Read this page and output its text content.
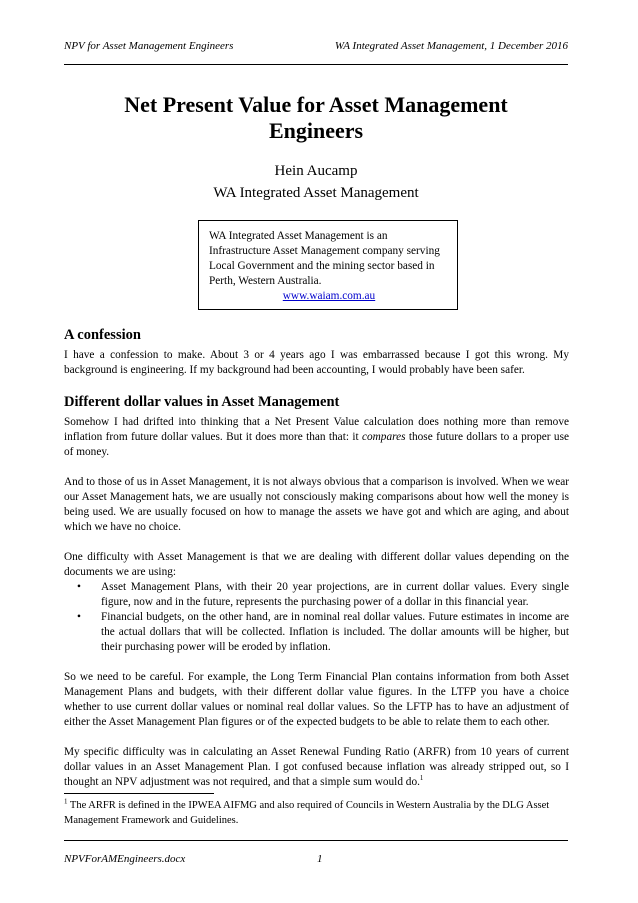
NPV for Asset Management Engineers	WA Integrated Asset Management, 1 December 2016
Net Present Value for Asset Management
Engineers
Hein Aucamp
WA Integrated Asset Management
WA Integrated Asset Management is an Infrastructure Asset Management company serving Local Government and the mining sector based in Perth, Western Australia.
www.waiam.com.au
A confession

I have a confession to make. About 3 or 4 years ago I was embarrassed because I got this wrong. My background is engineering. If my background had been accounting, I would probably have been safer.

Different dollar values in Asset Management

Somehow I had drifted into thinking that a Net Present Value calculation does nothing more than remove inflation from future dollar values. But it does more than that: it compares those future dollars to a proper use of money.

And to those of us in Asset Management, it is not always obvious that a comparison is involved. When we wear our Asset Management hats, we are usually not consciously making comparisons about how well the money is being used. We are usually focused on how to manage the assets we have got and which are aging, and about which we have no choice.

One difficulty with Asset Management is that we are dealing with different dollar values depending on the documents we are using:

• Asset Management Plans, with their 20 year projections, are in current dollar values. Every single figure, now and in the future, represents the purchasing power of a dollar in this financial year.
• Financial budgets, on the other hand, are in nominal real dollar values. Future estimates in income are the actual dollars that will be collected. Inflation is included. The dollar amounts will be higher, but their purchasing power will be eroded by inflation.

So we need to be careful. For example, the Long Term Financial Plan contains information from both Asset Management Plans and budgets, with their different dollar value figures. In the LTFP you have a choice whether to use current dollar values or nominal real dollar values. So the LFTP has to have an adjustment of either the Asset Management Plan figures or of the expected budgets to be able to relate them to each other.

My specific difficulty was in calculating an Asset Renewal Funding Ratio (ARFR) from 10 years of current dollar values in an Asset Management Plan. I got confused because inflation was already stripped out, so I thought an NPV adjustment was not required, and that a simple sum would do.$^1$

$^1$ The ARFR is defined in the IPWEA AIFMG and also required of Councils in Western Australia by the DLG Asset Management Framework and Guidelines.
NPVForAMEngineers.docx	1
